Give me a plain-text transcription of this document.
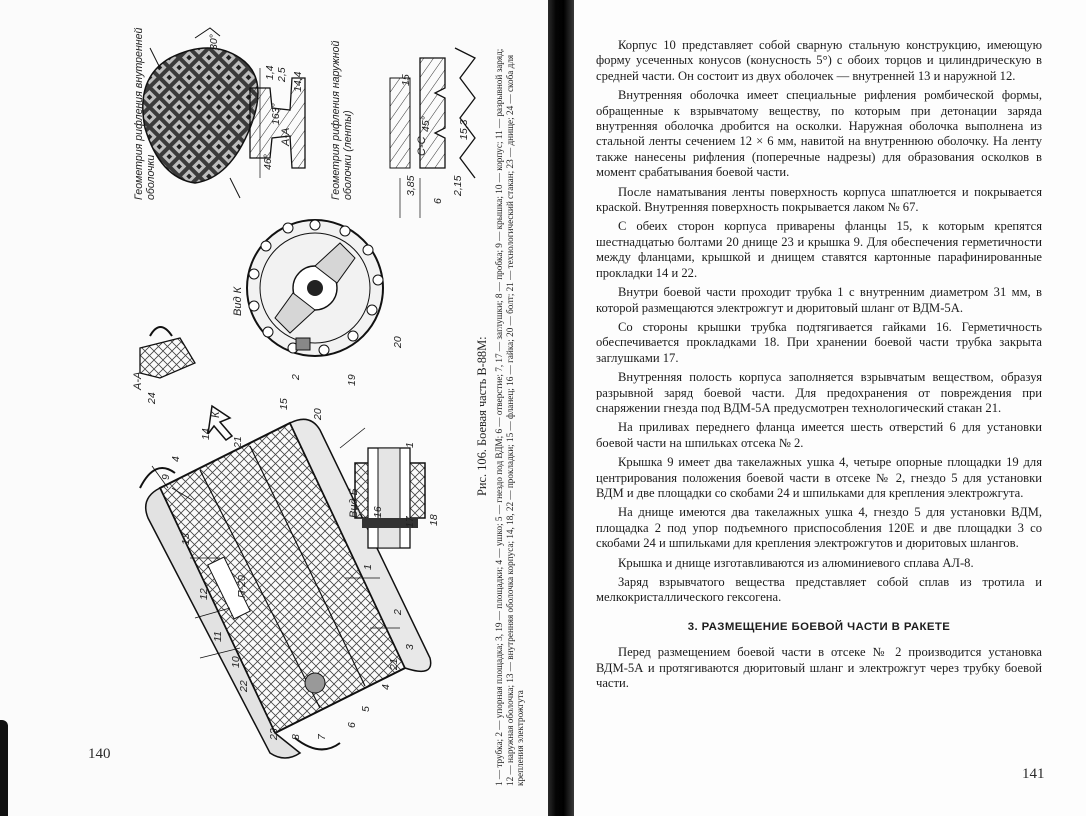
Геометрия рифления внутренней оболочки	Геометрия рифления наружной оболочки (ленты)
Вид К
Вид Б
А-А
А-А	С-С
К
30°
2,5
1,4 14,4
163°
46°
45° 15,3
3,85	2,15
6
15
9
4
14
21
15
20
13
12
11
10
22
23 8 7
6
5
4
21
3
2
1
П-20
2	19
20
24
16
17 18
1	Рис. 106. Боевая часть В-88М: 1 — трубка; 2 — упорная площадка; 3, 19 — площадки; 4 — ушко; 5 — гнездо под ВДМ; 6 — отверстие; 7, 17 — заглушки; 8 — пробка; 9 — крышка; 10 — корпус; 11 — разрывной заряд; 12 — наружная оболочка; 13 — внутренняя оболочка корпуса; 14, 18, 22 — прокладки; 15 — фланец; 16 — гайка; 20 — болт; 21 — технологический стакан; 23 — днище; 24 — скоба для крепления электрожгута
140
141

Корпус 10 представляет собой сварную стальную конструкцию, имеющую форму усеченных конусов (конусность 5°) с обоих торцов и цилиндрическую в средней части. Он состоит из двух оболочек — внутренней 13 и наружной 12.

Внутренняя оболочка имеет специальные рифления ромбической формы, обращенные к взрывчатому веществу, по которым при детонации заряда внутренняя оболочка дробится на осколки. Наружная оболочка выполнена из стальной ленты сечением 12 × 6 мм, навитой на внутреннюю оболочку. На ленту также нанесены рифления (поперечные надрезы) для образования осколков в момент срабатывания боевой части.

После наматывания ленты поверхность корпуса шпатлюется и покрывается краской. Внутренняя поверхность покрывается лаком № 67.

С обеих сторон корпуса приварены фланцы 15, к которым крепятся шестнадцатью болтами 20 днище 23 и крышка 9. Для обеспечения герметичности между фланцами, крышкой и днищем ставятся картонные парафинированные прокладки 14 и 22.

Внутри боевой части проходит трубка 1 с внутренним диаметром 31 мм, в которой размещаются электрожгут и дюритовый шланг от ВДМ-5А.

Со стороны крышки трубка подтягивается гайками 16. Герметичность обеспечивается прокладками 18. При хранении боевой части трубка закрыта заглушками 17.

Внутренняя полость корпуса заполняется взрывчатым веществом, образуя разрывной заряд боевой части. Для предохранения от повреждения при снаряжении гнезда под ВДМ-5А предусмотрен технологический стакан 21.

На приливах переднего фланца имеется шесть отверстий 6 для установки боевой части на шпильках отсека № 2.

Крышка 9 имеет два такелажных ушка 4, четыре опорные площадки 19 для центрирования положения боевой части в отсеке № 2, гнездо 5 для установки ВДМ и две площадки со скобами 24 и шпильками для крепления электрожгута.

На днище имеются два такелажных ушка 4, гнездо 5 для установки ВДМ, площадка 2 под упор подъемного приспособления 120Е и две площадки 3 со скобами 24 и шпильками для крепления электрожгутов и дюритовых шлангов.

Крышка и днище изготавливаются из алюминиевого сплава АЛ-8.

Заряд взрывчатого вещества представляет собой сплав из тротила и мелкокристаллического гексогена.

3. РАЗМЕЩЕНИЕ БОЕВОЙ ЧАСТИ В РАКЕТЕ

Перед размещением боевой части в отсеке № 2 производится установка ВДМ-5А и протягиваются дюритовый шланг и электрожгут через трубку боевой части.
